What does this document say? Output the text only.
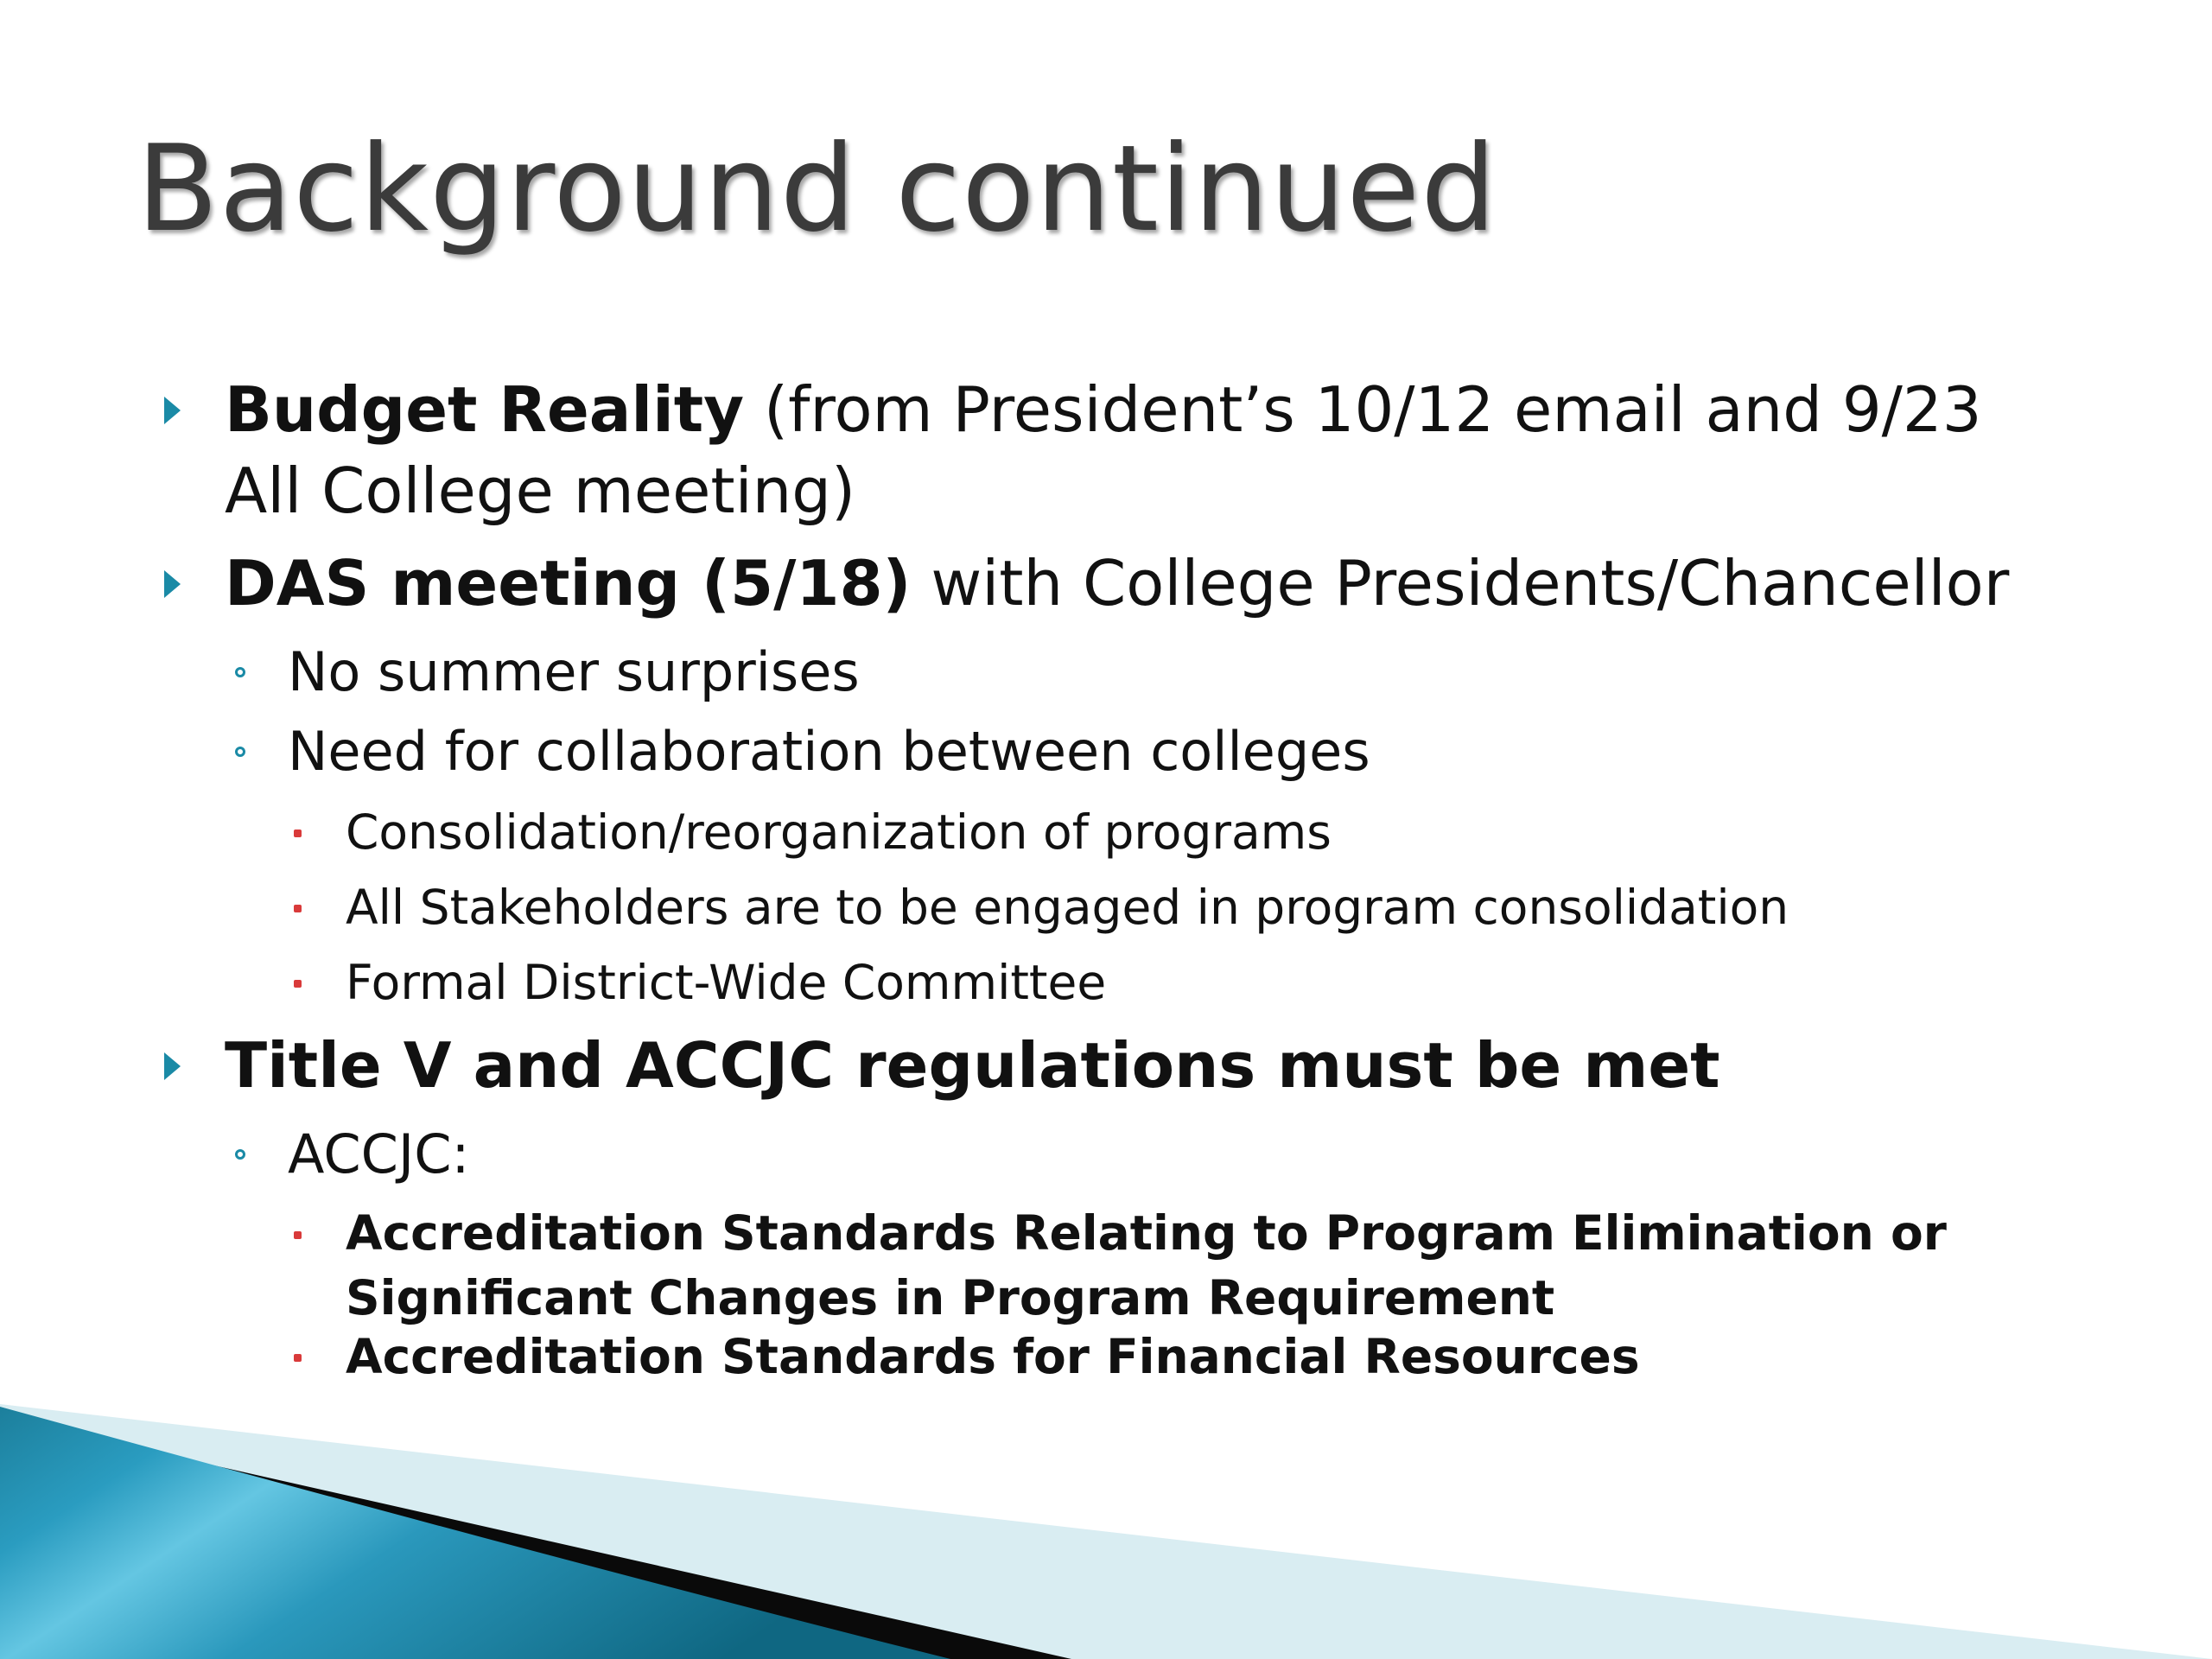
Background continued
Budget Reality (from President’s 10/12 email and 9/23
All College meeting)
DAS meeting (5/18) with College Presidents/Chancellor
No summer surprises
Need for collaboration between colleges
Consolidation/reorganization of programs
All Stakeholders are to be engaged in program consolidation
Formal District-Wide Committee
Title V and ACCJC regulations must be met
ACCJC:
Accreditation Standards Relating to Program Elimination or
Significant Changes in Program Requirement
Accreditation Standards for Financial Resources
